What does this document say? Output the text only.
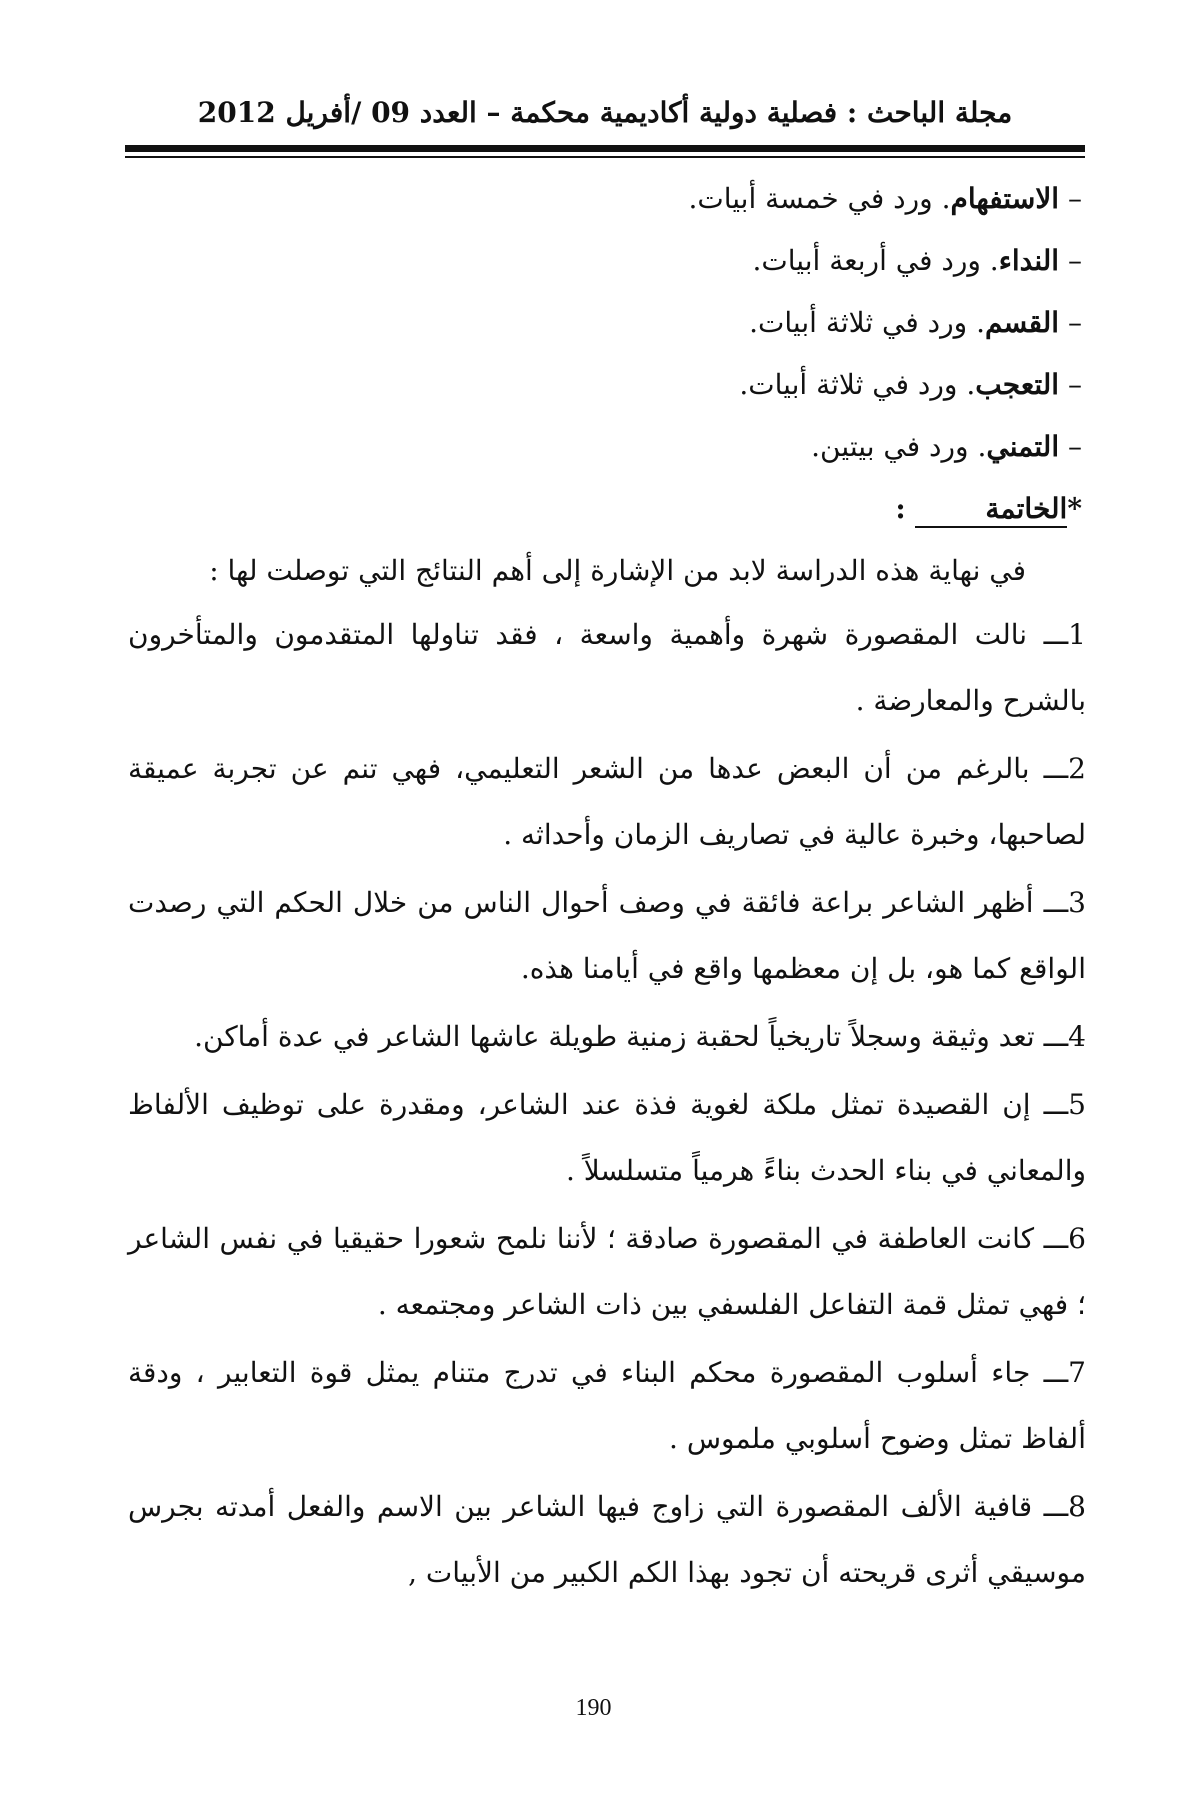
مجلة الباحث : فصلية دولية أكاديمية محكمة – العدد 09 /أفريل 2012
– الاستفهام. ورد في خمسة أبيات.
– النداء. ورد في أربعة أبيات.
– القسم. ورد في ثلاثة أبيات.
– التعجب. ورد في ثلاثة أبيات.
– التمني. ورد في بيتين.
*الخاتمة :
في نهاية هذه الدراسة لابد من الإشارة إلى أهم النتائج التي توصلت لها :
1ـــ نالت المقصورة شهرة وأهمية واسعة ، فقد تناولها المتقدمون والمتأخرون بالشرح والمعارضة .
2ـــ بالرغم من أن البعض عدها من الشعر التعليمي، فهي تنم عن تجربة عميقة لصاحبها، وخبرة عالية في تصاريف الزمان وأحداثه .
3ـــ أظهر الشاعر براعة فائقة في وصف أحوال الناس من خلال الحكم التي رصدت الواقع كما هو، بل إن معظمها واقع في أيامنا هذه.
4ـــ تعد وثيقة وسجلاً تاريخياً لحقبة زمنية طويلة عاشها الشاعر في عدة أماكن.
5ـــ إن القصيدة تمثل ملكة لغوية فذة عند الشاعر، ومقدرة على توظيف الألفاظ والمعاني في بناء الحدث بناءً هرمياً متسلسلاً .
6ـــ كانت العاطفة في المقصورة صادقة ؛ لأننا نلمح شعورا حقيقيا في نفس الشاعر ؛ فهي تمثل قمة التفاعل الفلسفي بين ذات الشاعر ومجتمعه .
7ـــ جاء أسلوب المقصورة محكم البناء في تدرج متنام يمثل قوة التعابير ، ودقة ألفاظ تمثل وضوح أسلوبي ملموس .
8ـــ قافية الألف المقصورة التي زاوج فيها الشاعر بين الاسم والفعل أمدته بجرس موسيقي أثرى قريحته أن تجود بهذا الكم الكبير من الأبيات ,
190
